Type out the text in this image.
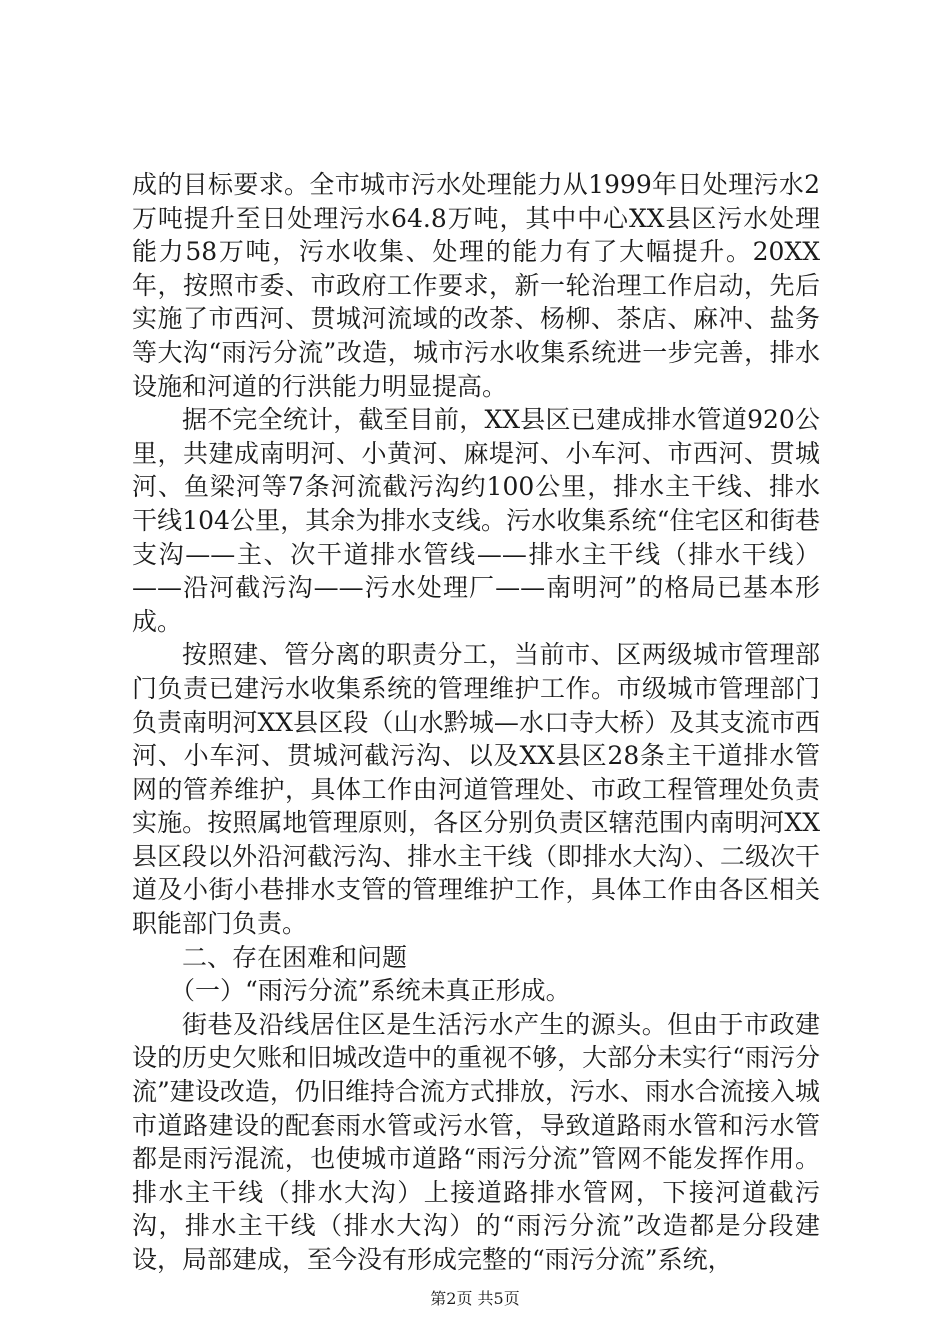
成的目标要求。全市城市污水处理能力从1999年日处理污水2万吨提升至日处理污水64.8万吨，其中中心XX县区污水处理能力58万吨，污水收集、处理的能力有了大幅提升。20XX年，按照市委、市政府工作要求，新一轮治理工作启动，先后实施了市西河、贯城河流域的改茶、杨柳、茶店、麻冲、盐务等大沟“雨污分流”改造，城市污水收集系统进一步完善，排水设施和河道的行洪能力明显提高。

据不完全统计，截至目前，XX县区已建成排水管道920公里，共建成南明河、小黄河、麻堤河、小车河、市西河、贯城河、鱼梁河等7条河流截污沟约100公里，排水主干线、排水干线104公里，其余为排水支线。污水收集系统“住宅区和街巷支沟——主、次干道排水管线——排水主干线（排水干线）——沿河截污沟——污水处理厂——南明河”的格局已基本形成。

按照建、管分离的职责分工，当前市、区两级城市管理部门负责已建污水收集系统的管理维护工作。市级城市管理部门负责南明河XX县区段（山水黔城—水口寺大桥）及其支流市西河、小车河、贯城河截污沟、以及XX县区28条主干道排水管网的管养维护，具体工作由河道管理处、市政工程管理处负责实施。按照属地管理原则，各区分别负责区辖范围内南明河XX县区段以外沿河截污沟、排水主干线（即排水大沟）、二级次干道及小街小巷排水支管的管理维护工作，具体工作由各区相关职能部门负责。

二、存在困难和问题

（一）“雨污分流”系统未真正形成。

街巷及沿线居住区是生活污水产生的源头。但由于市政建设的历史欠账和旧城改造中的重视不够，大部分未实行“雨污分流”建设改造，仍旧维持合流方式排放，污水、雨水合流接入城市道路建设的配套雨水管或污水管，导致道路雨水管和污水管都是雨污混流，也使城市道路“雨污分流”管网不能发挥作用。排水主干线（排水大沟）上接道路排水管网，下接河道截污沟，排水主干线（排水大沟）的“雨污分流”改造都是分段建设，局部建成，至今没有形成完整的“雨污分流”系统，

第2页 共5页
